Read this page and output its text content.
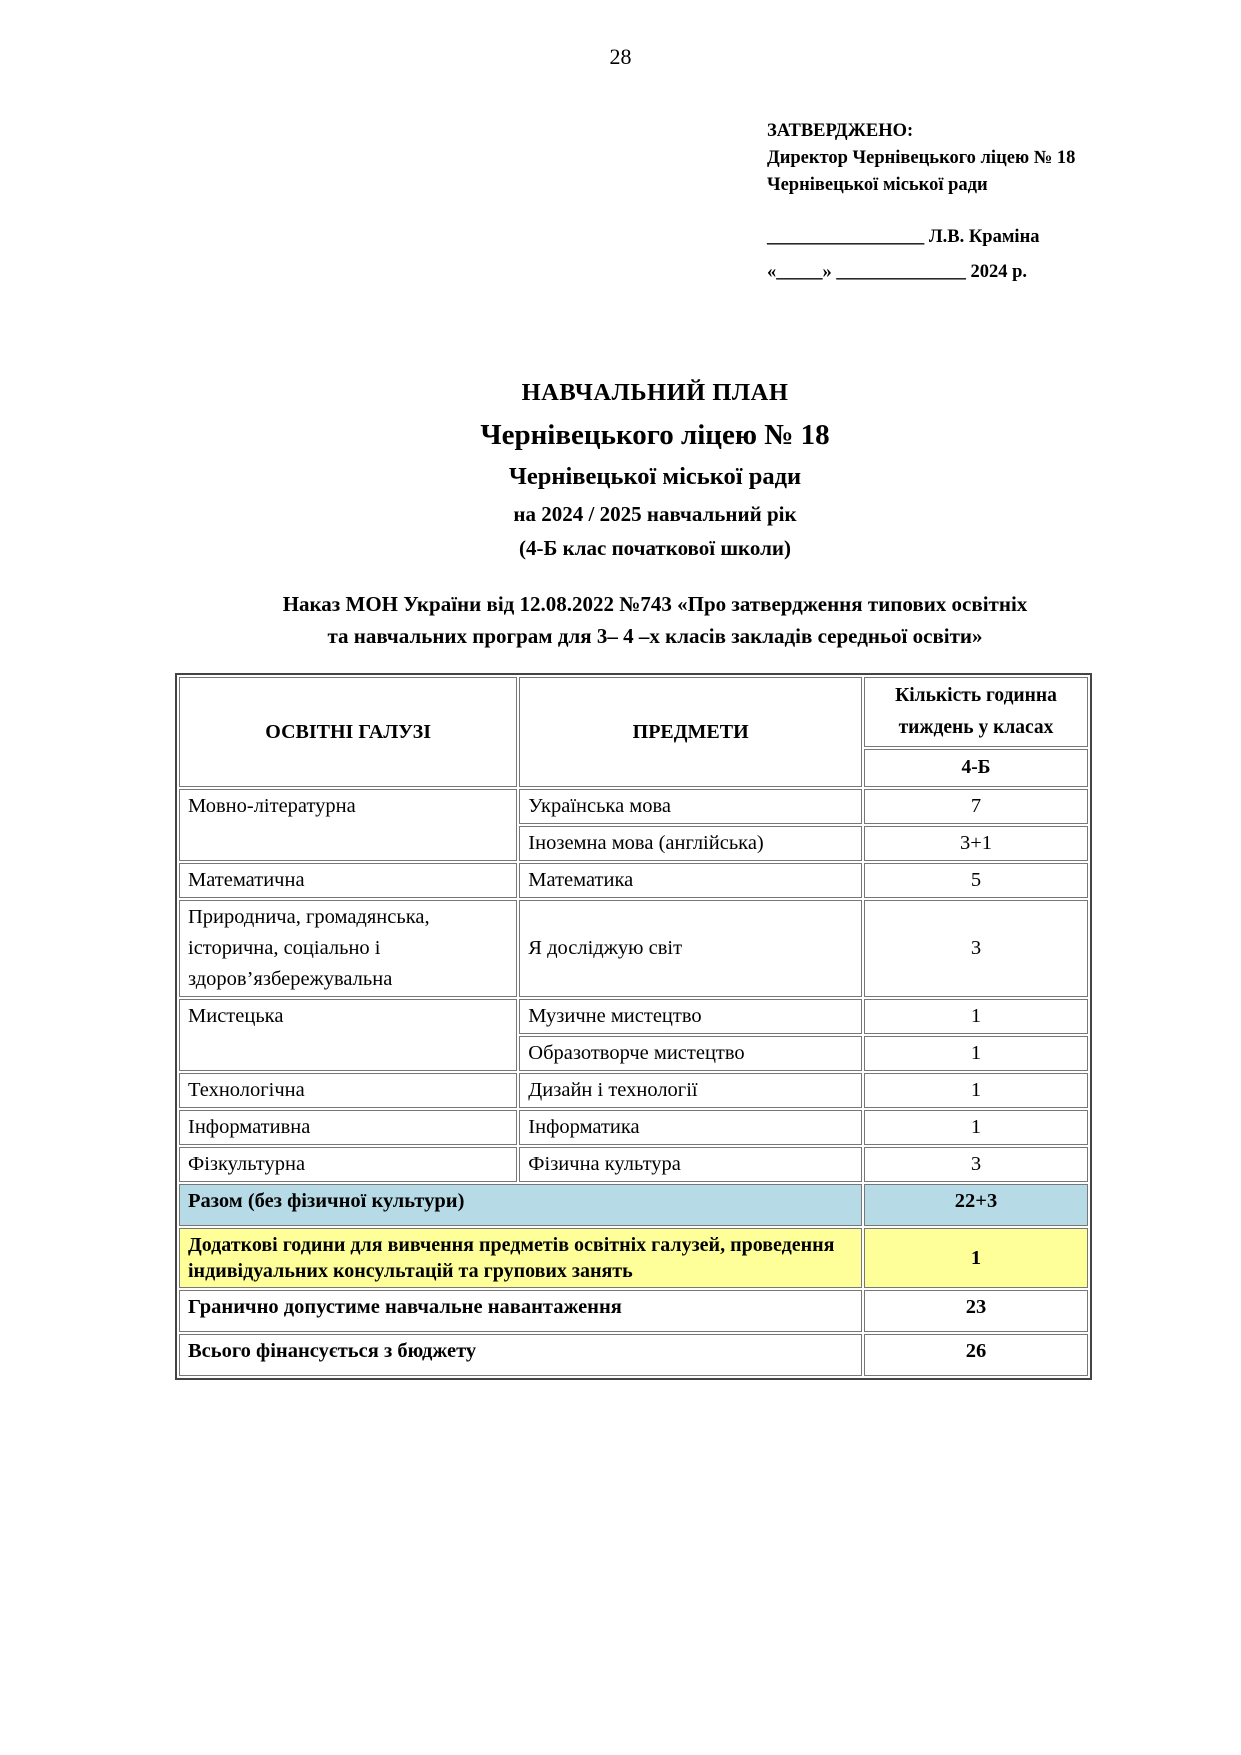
28
ЗАТВЕРДЖЕНО:
Директор Чернівецького ліцею № 18
Чернівецької міської ради
_________________ Л.В. Краміна
«_____» ______________ 2024 р.
НАВЧАЛЬНИЙ ПЛАН
Чернівецького ліцею № 18
Чернівецької міської ради
на 2024 / 2025 навчальний рік
(4-Б клас початкової школи)
Наказ МОН України від 12.08.2022 №743 «Про затвердження типових освітніх
та навчальних програм для 3– 4 –х класів закладів середньої освіти»
ОСВІТНІ ГАЛУЗІ	ПРЕДМЕТИ	Кількість годинна тиждень у класах
		4-Б
Мовно-літературна	Українська мова	7
	Іноземна мова (англійська)	3+1
Математична	Математика	5
Природнича, громадянська, історична, соціально і здоров’язбережувальна	Я досліджую світ	3
Мистецька	Музичне мистецтво	1
	Образотворче мистецтво	1
Технологічна	Дизайн і технології	1
Інформативна	Інформатика	1
Фізкультурна	Фізична культура	3
Разом (без фізичної культури)		22+3
Додаткові години для вивчення предметів освітніх галузей, проведення індивідуальних консультацій та групових занять		1
Гранично допустиме навчальне навантаження		23
Всього фінансується з бюджету		26
